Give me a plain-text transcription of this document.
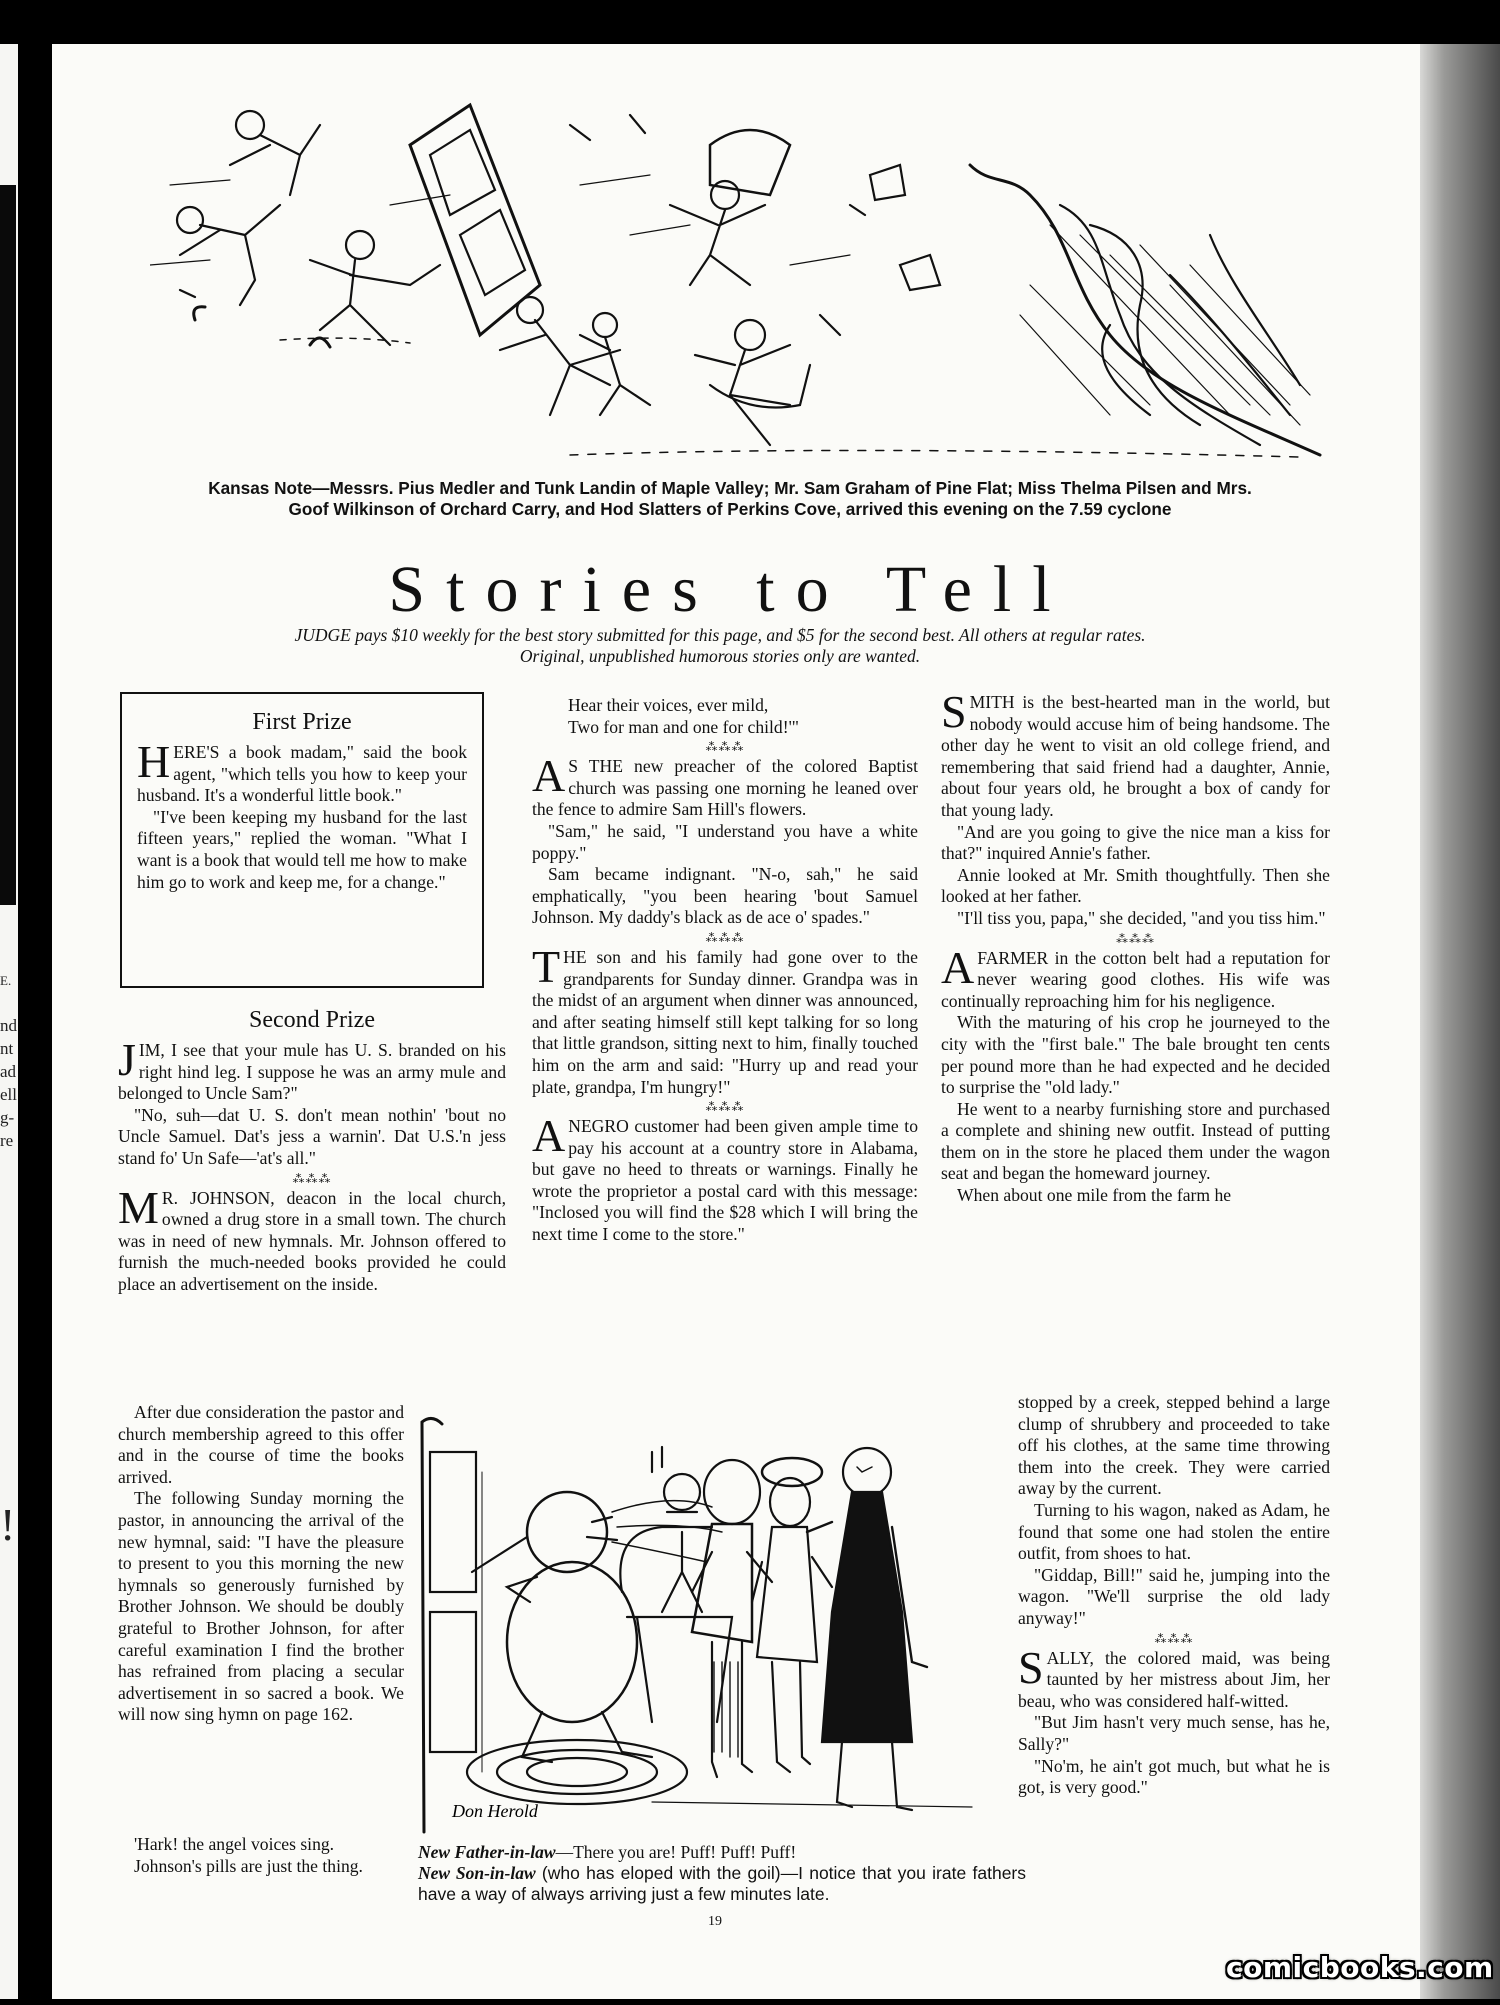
E.
nd
nt
ad
ell
g-
re
!
Kansas Note—Messrs. Pius Medler and Tunk Landin of Maple Valley; Mr. Sam Graham of Pine Flat; Miss Thelma Pilsen and Mrs. Goof Wilkinson of Orchard Carry, and Hod Slatters of Perkins Cove, arrived this evening on the 7.59 cyclone
Stories to Tell
JUDGE pays $10 weekly for the best story submitted for this page, and $5 for the second best. All others at regular rates. Original, unpublished humorous stories only are wanted.
First Prize

HERE'S a book madam," said the book agent, "which tells you how to keep your husband. It's a wonderful little book."

"I've been keeping my husband for the last fifteen years," replied the woman. "What I want is a book that would tell me how to make him go to work and keep me, for a change."

Second Prize

JIM, I see that your mule has U. S. branded on his right hind leg. I suppose he was an army mule and belonged to Uncle Sam?"

"No, suh—dat U. S. don't mean nothin' 'bout no Uncle Samuel. Dat's jess a warnin'. Dat U.S.'n jess stand fo' Un Safe—'at's all."

⁂⁂⁂

M R. JOHNSON, deacon in the local church, owned a drug store in a small town. The church was in need of new hymnals. Mr. Johnson offered to furnish the much-needed books provided he could place an advertisement on the inside.

After due consideration the pastor and church membership agreed to this offer and in the course of time the books arrived.

The following Sunday morning the pastor, in announcing the arrival of the new hymnal, said: "I have the pleasure to present to you this morning the new hymnals so generously furnished by Brother Johnson. We should be doubly grateful to Brother Johnson, for after careful examination I find the brother has refrained from placing a secular advertisement in so sacred a book. We will now sing hymn on page 162.

'Hark! the angel voices sing.

Johnson's pills are just the thing.

Hear their voices, ever mild,
Two for man and one for child!'"
⁂⁂⁂

A S THE new preacher of the colored Baptist church was passing one morning he leaned over the fence to admire Sam Hill's flowers.

"Sam," he said, "I understand you have a white poppy."

Sam became indignant. "N-o, sah," he said emphatically, "you been hearing 'bout Samuel Johnson. My daddy's black as de ace o' spades."

⁂⁂⁂

THE son and his family had gone over to the grandparents for Sunday dinner. Grandpa was in the midst of an argument when dinner was announced, and after seating himself still kept talking for so long that little grandson, sitting next to him, finally touched him on the arm and said: "Hurry up and read your plate, grandpa, I'm hungry!"

⁂⁂⁂

ANEGRO customer had been given ample time to pay his account at a country store in Alabama, but gave no heed to threats or warnings. Finally he wrote the proprietor a postal card with this message: "Inclosed you will find the $28 which I will bring the next time I come to the store."

SMITH is the best-hearted man in the world, but nobody would accuse him of being handsome. The other day he went to visit an old college friend, and remembering that said friend had a daughter, Annie, about four years old, he brought a box of candy for that young lady.

"And are you going to give the nice man a kiss for that?" inquired Annie's father.

Annie looked at Mr. Smith thoughtfully. Then she looked at her father.

"I'll tiss you, papa," she decided, "and you tiss him."

⁂⁂⁂

AFARMER in the cotton belt had a reputation for never wearing good clothes. His wife was continually reproaching him for his negligence.

With the maturing of his crop he journeyed to the city with the "first bale." The bale brought ten cents per pound more than he had expected and he decided to surprise the "old lady."

He went to a nearby furnishing store and purchased a complete and shining new outfit. Instead of putting them on in the store he placed them under the wagon seat and began the homeward journey.

When about one mile from the farm he

stopped by a creek, stepped behind a large clump of shrubbery and proceeded to take off his clothes, at the same time throwing them into the creek. They were carried away by the current.

Turning to his wagon, naked as Adam, he found that some one had stolen the entire outfit, from shoes to hat.

"Giddap, Bill!" said he, jumping into the wagon. "We'll surprise the old lady anyway!"

⁂⁂⁂

SALLY, the colored maid, was being taunted by her mistress about Jim, her beau, who was considered half-witted.

"But Jim hasn't very much sense, has he, Sally?"

"No'm, he ain't got much, but what he is got, is very good."

Don Herold
New Father-in-law—There you are! Puff! Puff! Puff!
New Son-in-law (who has eloped with the goil)—I notice that you irate fathers have a way of always arriving just a few minutes late.
19
comicbooks.com
